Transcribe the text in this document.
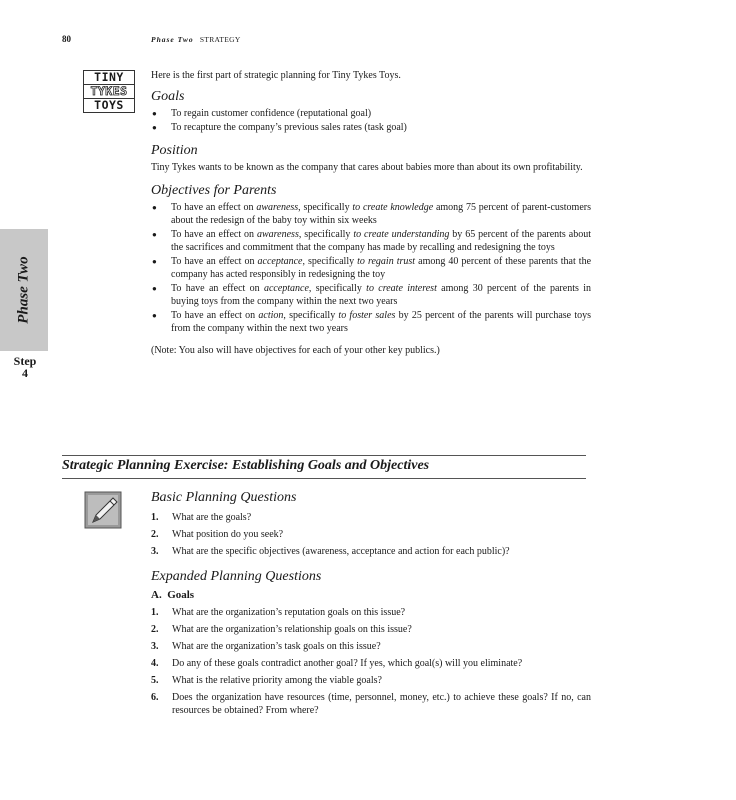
80	Phase Two STRATEGY
TINY
TYKES
TOYS
Phase Two
Step
4

Here is the first part of strategic planning for Tiny Tykes Toys.

Goals
● To regain customer confidence (reputational goal)
● To recapture the company’s previous sales rates (task goal)
Position

Tiny Tykes wants to be known as the company that cares about babies more than about its own profitability.

Objectives for Parents
● To have an effect on awareness, specifically to create knowledge among 75 percent of parent-customers about the redesign of the baby toy within six weeks
● To have an effect on awareness, specifically to create understanding by 65 percent of the parents about the sacrifices and commitment that the company has made by recalling and redesigning the toys
● To have an effect on acceptance, specifically to regain trust among 40 percent of these parents that the company has acted responsibly in redesigning the toy
● To have an effect on acceptance, specifically to create interest among 30 percent of the parents in buying toys from the company within the next two years
● To have an effect on action, specifically to foster sales by 25 percent of the parents will purchase toys from the company within the next two years

(Note: You also will have objectives for each of your other key publics.)

Strategic Planning Exercise: Establishing Goals and Objectives
Basic Planning Questions
1. What are the goals?
2. What position do you seek?
3. What are the specific objectives (awareness, acceptance and action for each public)?
Expanded Planning Questions
A.  Goals
1. What are the organization’s reputation goals on this issue?
2. What are the organization’s relationship goals on this issue?
3. What are the organization’s task goals on this issue?
4. Do any of these goals contradict another goal? If yes, which goal(s) will you eliminate?
5. What is the relative priority among the viable goals?
6. Does the organization have resources (time, personnel, money, etc.) to achieve these goals? If no, can resources be obtained? From where?
